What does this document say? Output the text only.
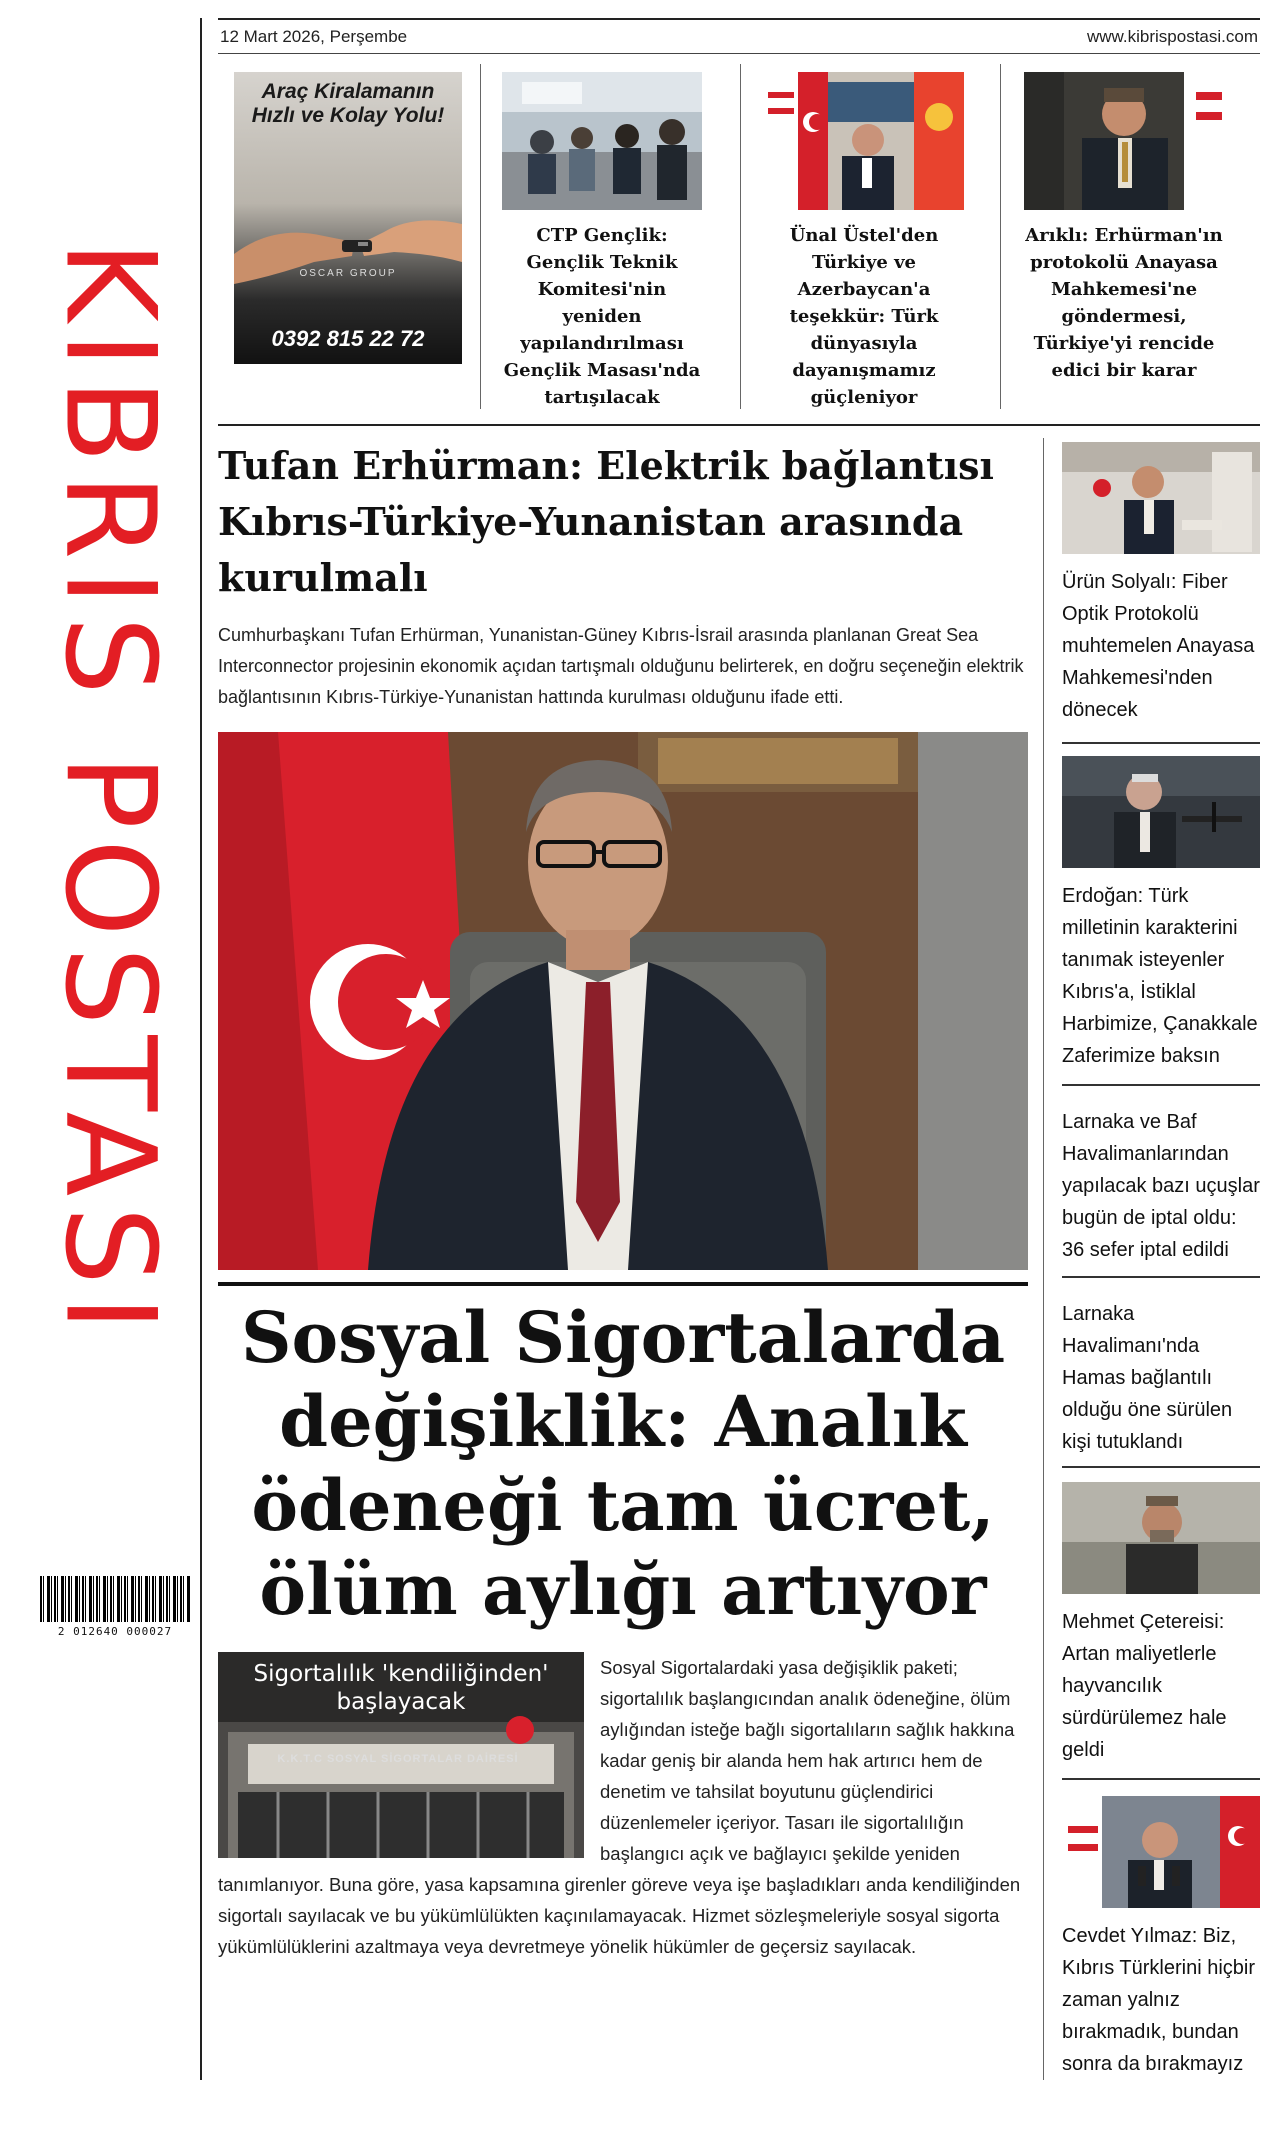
KIBRIS POSTASI
2 012640 000027
12 Mart 2026, Perşembe	www.kibrispostasi.com
Araç Kiralamanın Hızlı ve Kolay Yolu!
OSCAR GROUP
0392 815 22 72
CTP Gençlik: Gençlik Teknik Komitesi'nin yeniden yapılandırılması Gençlik Masası'nda tartışılacak
Ünal Üstel'den Türkiye ve Azerbaycan'a teşekkür: Türk dünyasıyla dayanışmamız güçleniyor
Arıklı: Erhürman'ın protokolü Anayasa Mahkemesi'ne göndermesi, Türkiye'yi rencide edici bir karar
Tufan Erhürman: Elektrik bağlantısı Kıbrıs-Türkiye-Yunanistan arasında kurulmalı

Cumhurbaşkanı Tufan Erhürman, Yunanistan-Güney Kıbrıs-İsrail arasında planlanan Great Sea Interconnector projesinin ekonomik açıdan tartışmalı olduğunu belirterek, en doğru seçeneğin elektrik bağlantısının Kıbrıs-Türkiye-Yunanistan hattında kurulması olduğunu ifade etti.

Sosyal Sigortalarda değişiklik: Analık ödeneği tam ücret, ölüm aylığı artıyor
Sigortalılık 'kendiliğinden' başlayacak
K.K.T.C SOSYAL SİGORTALAR DAİRESİ
Sosyal Sigortalardaki yasa değişiklik paketi; sigortalılık başlangıcından analık ödeneğine, ölüm aylığından isteğe bağlı sigortalıların sağlık hakkına kadar geniş bir alanda hem hak artırıcı hem de denetim ve tahsilat boyutunu güçlendirici düzenlemeler içeriyor. Tasarı ile sigortalılığın başlangıcı açık ve bağlayıcı şekilde yeniden tanımlanıyor. Buna göre, yasa kapsamına girenler göreve veya işe başladıkları anda kendiliğinden sigortalı sayılacak ve bu yükümlülükten kaçınılamayacak. Hizmet sözleşmeleriyle sosyal sigorta yükümlülüklerini azaltmaya veya devretmeye yönelik hükümler de geçersiz sayılacak.
Ürün Solyalı: Fiber Optik Protokolü muhtemelen Anayasa Mahkemesi'nden dönecek
Erdoğan: Türk milletinin karakterini tanımak isteyenler Kıbrıs'a, İstiklal Harbimize, Çanakkale Zaferimize baksın
Larnaka ve Baf Havalimanlarından yapılacak bazı uçuşlar bugün de iptal oldu: 36 sefer iptal edildi
Larnaka Havalimanı'nda Hamas bağlantılı olduğu öne sürülen kişi tutuklandı
Mehmet Çetereisi: Artan maliyetlerle hayvancılık sürdürülemez hale geldi
Cevdet Yılmaz: Biz, Kıbrıs Türklerini hiçbir zaman yalnız bırakmadık, bundan sonra da bırakmayız
